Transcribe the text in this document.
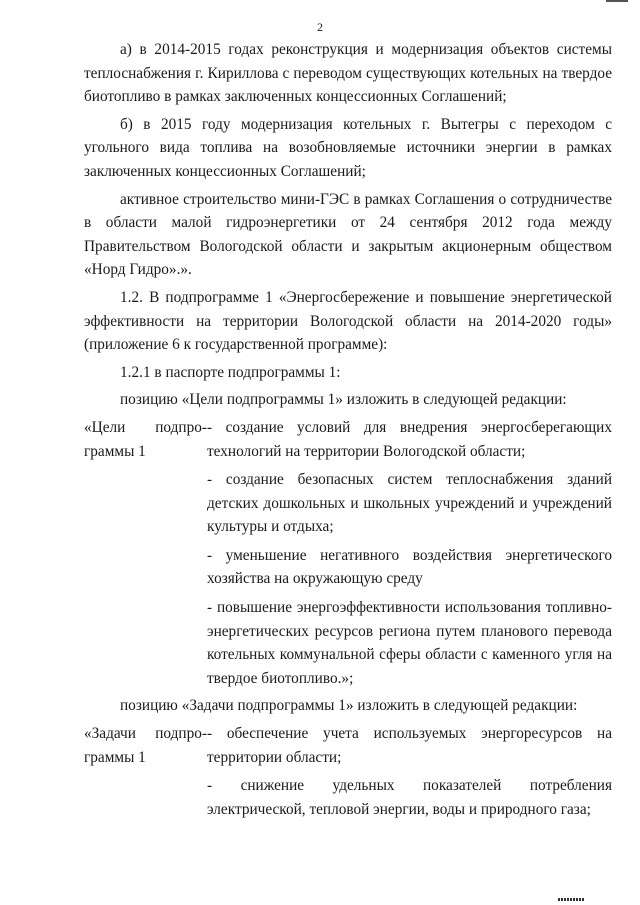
2

а) в 2014-2015 годах реконструкция и модернизация объектов системы теплоснабжения г. Кириллова с переводом существующих котельных на твердое биотопливо в рамках заключенных концессионных Соглашений;

б) в 2015 году модернизация котельных г. Вытегры с переходом с угольного вида топлива на возобновляемые источники энергии в рамках заключенных концессионных Соглашений;

активное строительство мини-ГЭС в рамках Соглашения о сотрудничестве в области малой гидроэнергетики от 24 сентября 2012 года между Правительством Вологодской области и закрытым акционерным обществом «Норд Гидро».».

1.2. В подпрограмме 1 «Энергосбережение и повышение энергетической эффективности на территории Вологодской области на 2014-2020 годы» (приложение 6 к государственной программе):

1.2.1 в паспорте подпрограммы 1:

позицию «Цели подпрограммы 1» изложить в следующей редакции:

«Цели подпро-
граммы 1

- создание условий для внедрения энергосберегающих технологий на территории Вологодской области;

- создание безопасных систем теплоснабжения зданий детских дошкольных и школьных учреждений и учреждений культуры и отдыха;

- уменьшение негативного воздействия энергетического хозяйства на окружающую среду

- повышение энергоэффективности использования топливно-энергетических ресурсов региона путем планового перевода котельных коммунальной сферы области с каменного угля на твердое биотопливо.»;

позицию «Задачи подпрограммы 1» изложить в следующей редакции:

«Задачи подпро-
граммы 1

- обеспечение учета используемых энергоресурсов на территории области;

- снижение удельных показателей потребления электрической, тепловой энергии, воды и природного газа;
